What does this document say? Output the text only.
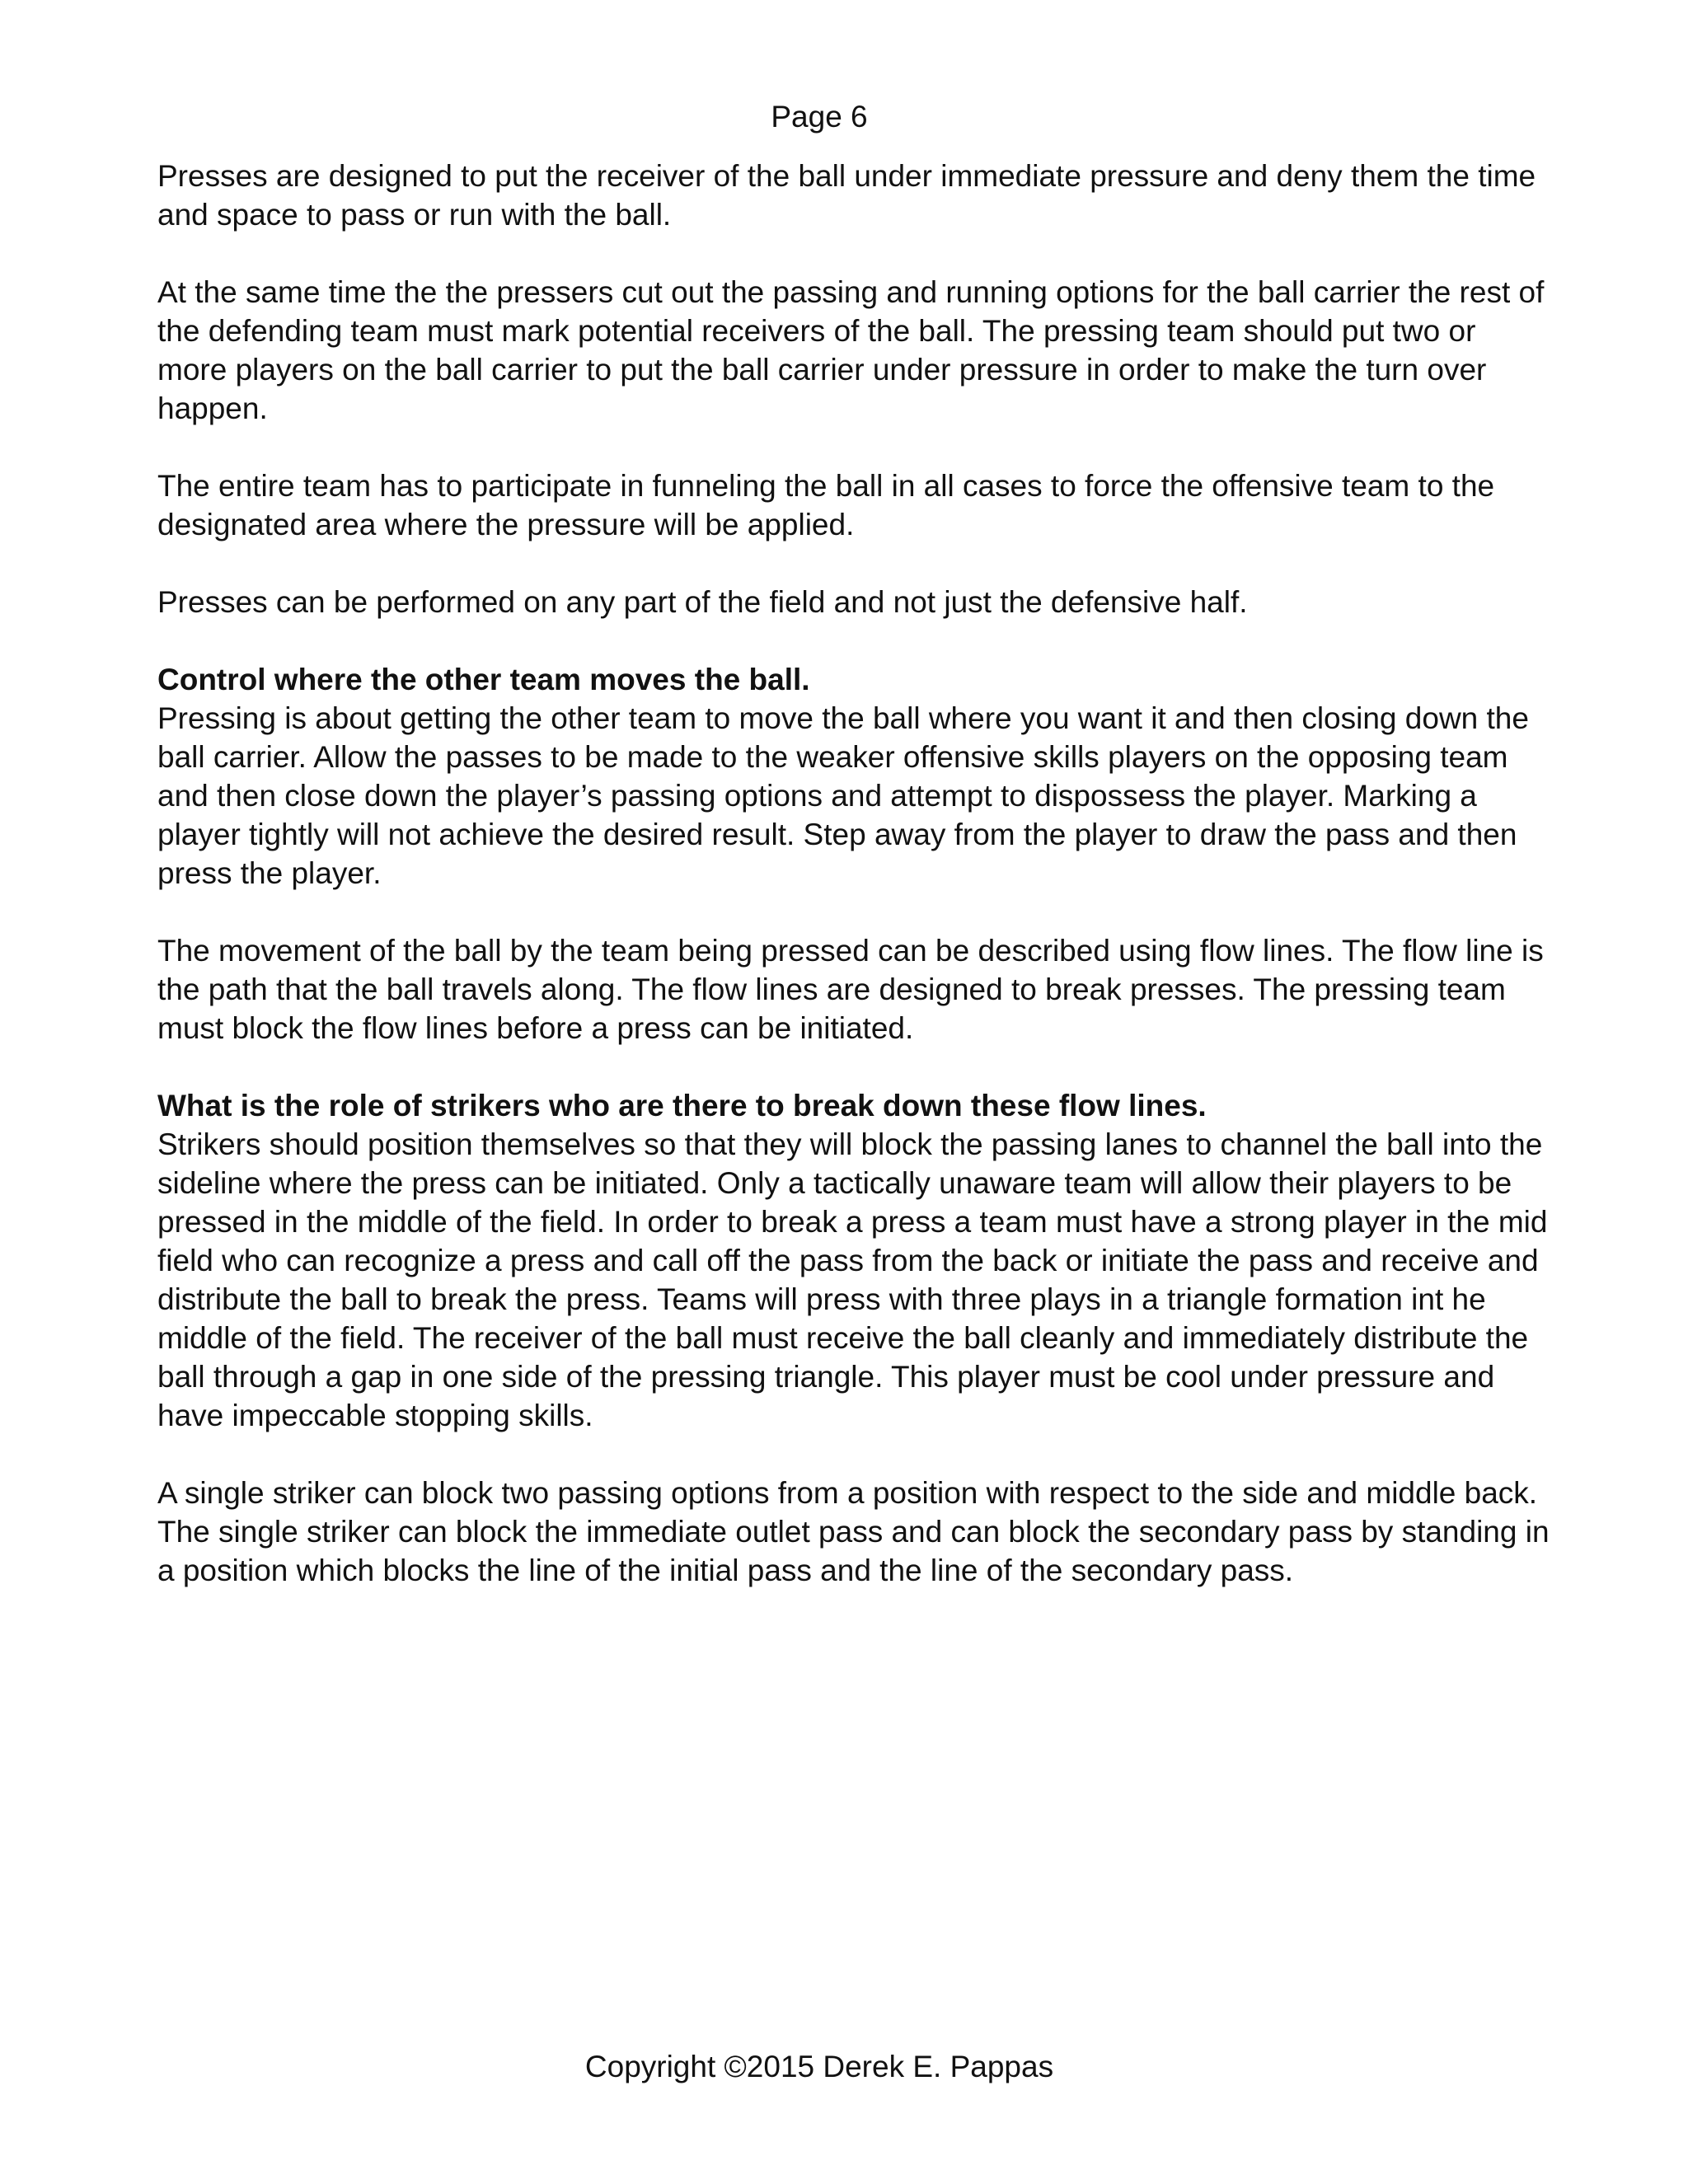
Page 6

Presses are designed to put the receiver of the ball under immediate pressure and deny them the time and space to pass or run with the ball.

At the same time the the pressers cut out the passing and running options for the ball carrier the rest of the defending team must mark potential receivers of the ball. The pressing team should put two or more players on the ball carrier to put the ball carrier under pressure in order to make the turn over happen.

The entire team has to participate in funneling the ball in all cases to force the offensive team to the designated area where the pressure will be applied.

Presses can be performed on any part of the field and not just the defensive half.

Control where the other team moves the ball.
Pressing is about getting the other team to move the ball where you want it and then closing down the ball carrier. Allow the passes to be made to the weaker offensive skills players on the opposing team and then close down the player’s passing options and attempt to dispossess the player. Marking a player tightly will not achieve the desired result. Step away from the player to draw the pass and then press the player.

The movement of the ball by the team being pressed can be described using flow lines. The flow line is the path that the ball travels along. The flow lines are designed to break presses. The pressing team must block the flow lines before a press can be initiated.

What is the role of strikers who are there to break down these flow lines.
Strikers should position themselves so that they will block the passing lanes to channel the ball into the sideline where the press can be initiated. Only a tactically unaware team will allow their players to be pressed in the middle of the field. In order to break a press a team must have a strong player in the mid field who can recognize a press and call off the pass from the back or initiate the pass and receive and distribute the ball to break the press. Teams will press with three plays in a triangle formation int he middle of the field. The receiver of the ball must receive the ball cleanly and immediately distribute the ball through a gap in one side of the pressing triangle. This player must be cool under pressure and have impeccable stopping skills.

A single striker can block two passing options from a position with respect to the side and middle back. The single striker can block the immediate outlet pass and can block the secondary pass by standing in a position which blocks the line of the initial pass and the line of the secondary pass.

Copyright ©2015 Derek E. Pappas
